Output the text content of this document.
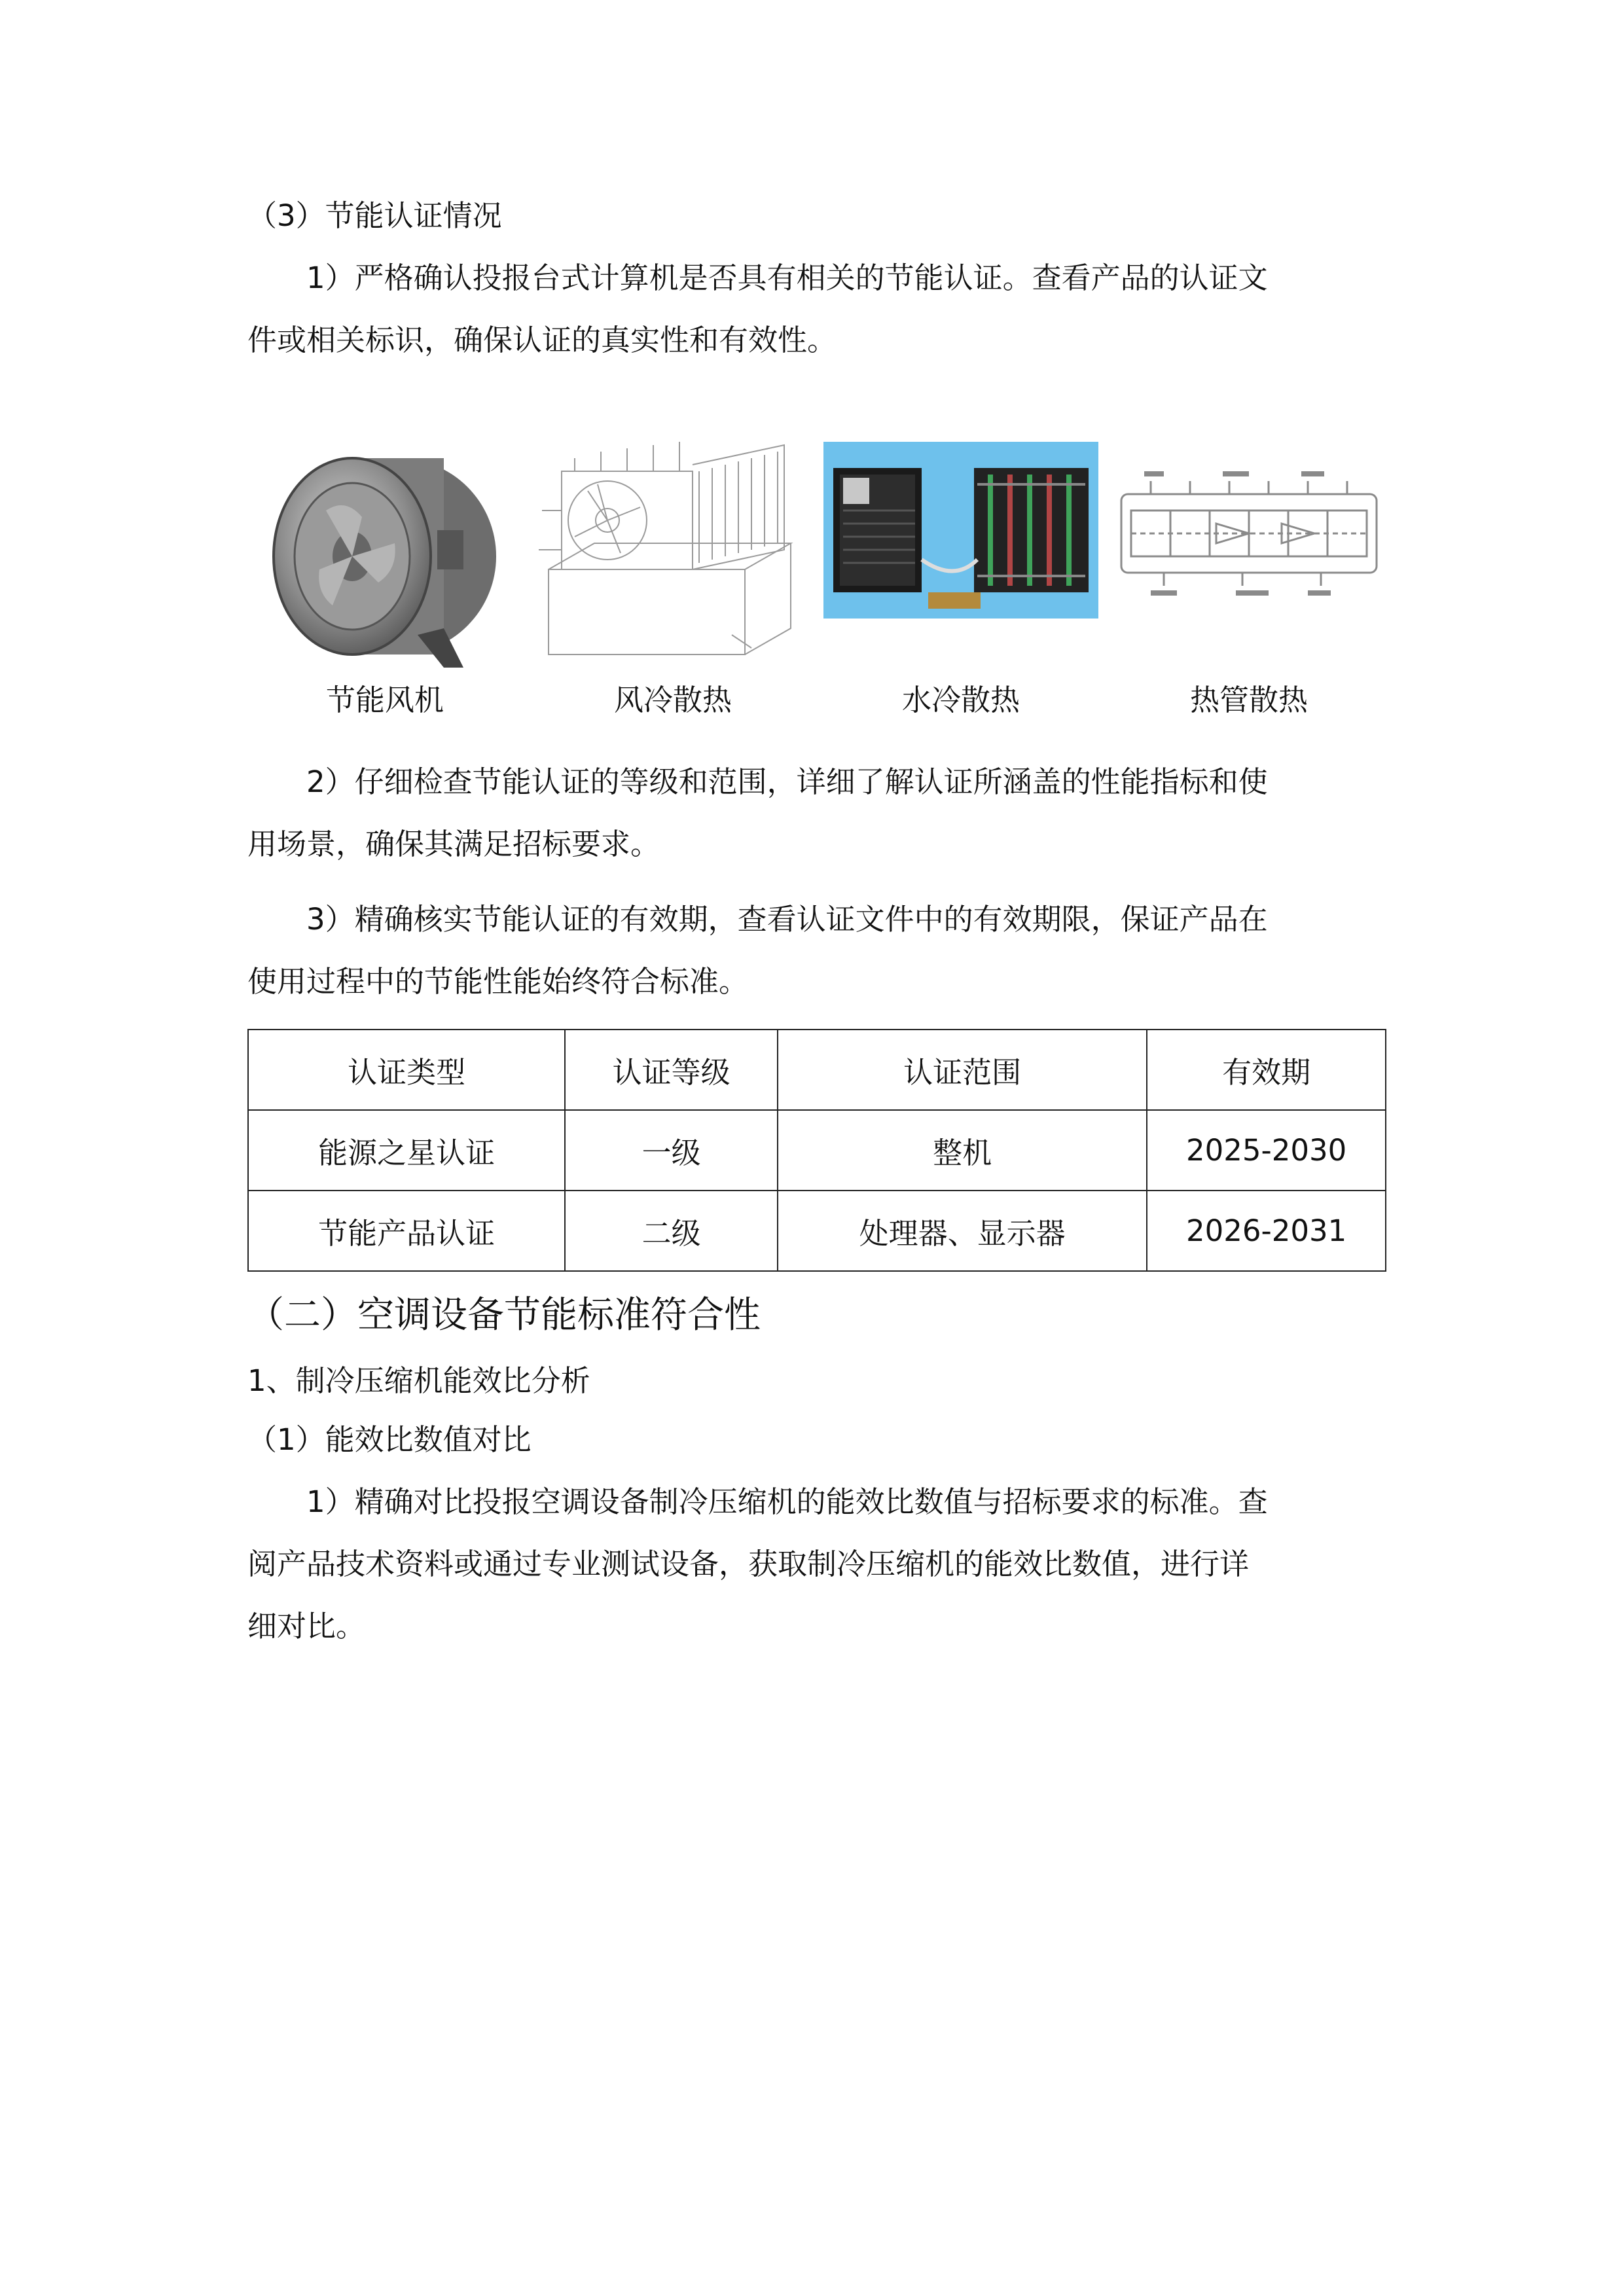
（3）节能认证情况
1）严格确认投报台式计算机是否具有相关的节能认证。查看产品的认证文
件或相关标识，确保认证的真实性和有效性。
节能风机	风冷散热	水冷散热	热管散热
2）仔细检查节能认证的等级和范围，详细了解认证所涵盖的性能指标和使
用场景，确保其满足招标要求。
3）精确核实节能认证的有效期，查看认证文件中的有效期限，保证产品在
使用过程中的节能性能始终符合标准。
认证类型	认证等级	认证范围	有效期
能源之星认证	一级	整机	2025-2030
节能产品认证	二级	处理器、显示器	2026-2031
（二）空调设备节能标准符合性
1、制冷压缩机能效比分析
（1）能效比数值对比
1）精确对比投报空调设备制冷压缩机的能效比数值与招标要求的标准。查
阅产品技术资料或通过专业测试设备，获取制冷压缩机的能效比数值，进行详
细对比。
